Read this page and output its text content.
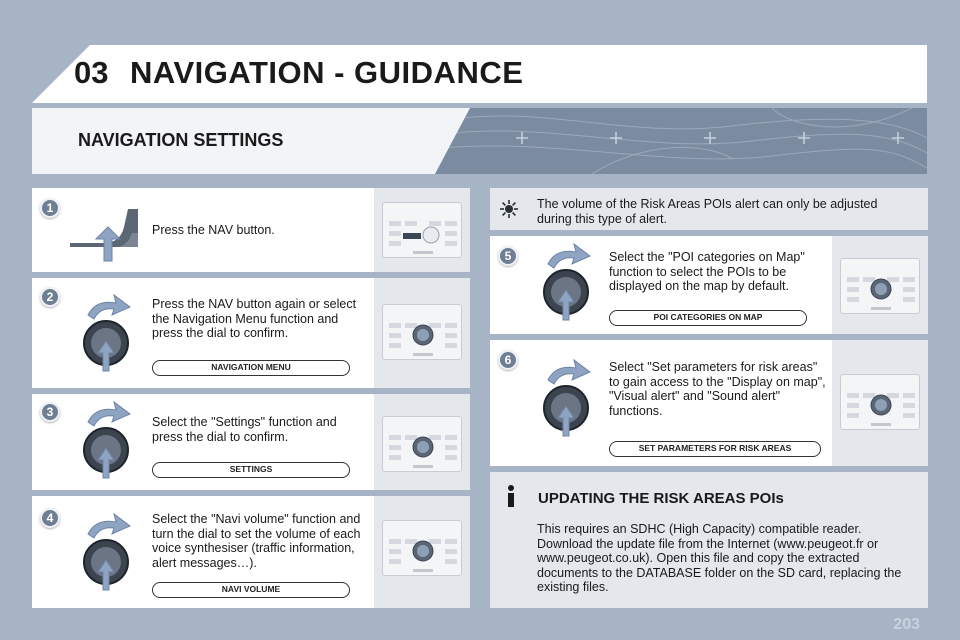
03 NAVIGATION - GUIDANCE
NAVIGATION SETTINGS
1
NAV
Press the NAV button.
2	Press the NAV button again or select the Navigation Menu function and press the dial to confirm.
NAVIGATION MENU
3
Select the "Settings" function and press the dial to confirm.
SETTINGS
4	Select the "Navi volume" function and turn the dial to set the volume of each voice synthesiser (traffic information, alert messages…).
NAVI VOLUME
The volume of the Risk Areas POIs alert can only be adjusted during this type of alert.
5	Select the "POI categories on Map" function to select the POIs to be displayed on the map by default.
POI CATEGORIES ON MAP
6	Select "Set parameters for risk areas" to gain access to the "Display on map", "Visual alert" and "Sound alert" functions.
SET PARAMETERS FOR RISK AREAS
UPDATING THE RISK AREAS POIs
This requires an SDHC (High Capacity) compatible reader. Download the update file from the Internet (www.peugeot.fr or www.peugeot.co.uk). Open this file and copy the extracted documents to the DATABASE folder on the SD card, replacing the existing files.
203
